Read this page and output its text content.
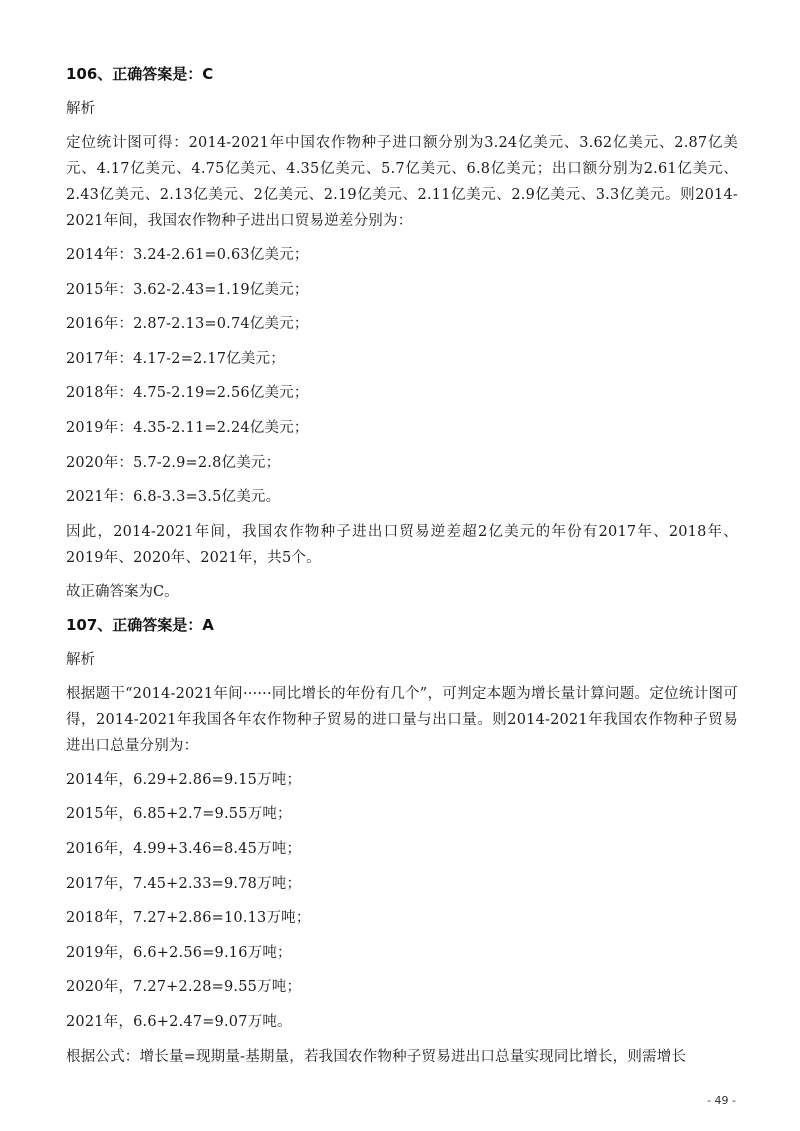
106、正确答案是：C
解析
定位统计图可得：2014-2021年中国农作物种子进口额分别为3.24亿美元、3.62亿美元、2.87亿美元、4.17亿美元、4.75亿美元、4.35亿美元、5.7亿美元、6.8亿美元；出口额分别为2.61亿美元、2.43亿美元、2.13亿美元、2亿美元、2.19亿美元、2.11亿美元、2.9亿美元、3.3亿美元。则2014-2021年间，我国农作物种子进出口贸易逆差分别为：
2014年：3.24-2.61=0.63亿美元；
2015年：3.62-2.43=1.19亿美元；
2016年：2.87-2.13=0.74亿美元；
2017年：4.17-2=2.17亿美元；
2018年：4.75-2.19=2.56亿美元；
2019年：4.35-2.11=2.24亿美元；
2020年：5.7-2.9=2.8亿美元；
2021年：6.8-3.3=3.5亿美元。
因此，2014-2021年间，我国农作物种子进出口贸易逆差超2亿美元的年份有2017年、2018年、2019年、2020年、2021年，共5个。
故正确答案为C。
107、正确答案是：A
解析
根据题干“2014-2021年间······同比增长的年份有几个”，可判定本题为增长量计算问题。定位统计图可得，2014-2021年我国各年农作物种子贸易的进口量与出口量。则2014-2021年我国农作物种子贸易进出口总量分别为：
2014年，6.29+2.86=9.15万吨；
2015年，6.85+2.7=9.55万吨；
2016年，4.99+3.46=8.45万吨；
2017年，7.45+2.33=9.78万吨；
2018年，7.27+2.86=10.13万吨；
2019年，6.6+2.56=9.16万吨；
2020年，7.27+2.28=9.55万吨；
2021年，6.6+2.47=9.07万吨。
根据公式：增长量=现期量-基期量，若我国农作物种子贸易进出口总量实现同比增长，则需增长
- 49 -
